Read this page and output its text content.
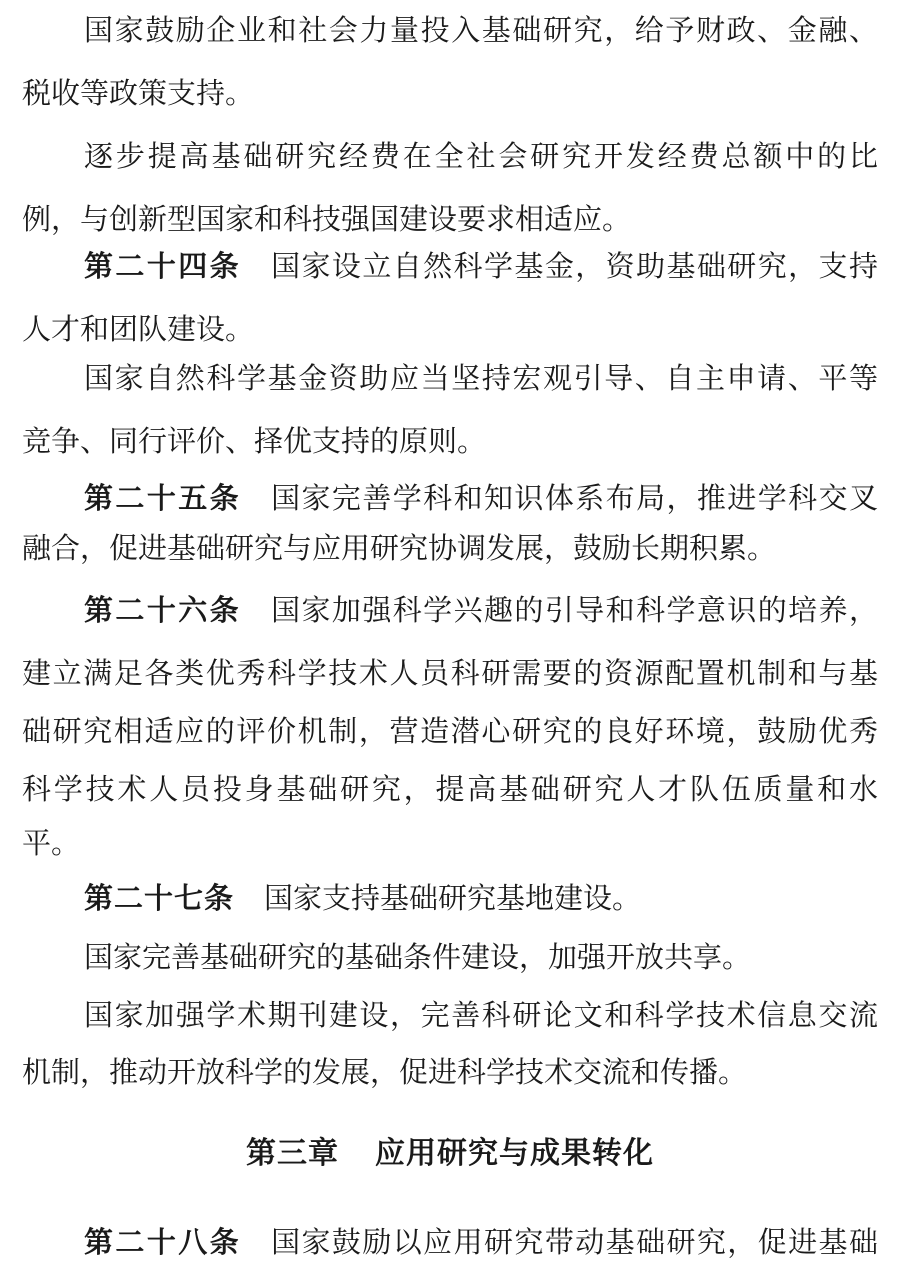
国家鼓励企业和社会力量投入基础研究，给予财政、金融、
税收等政策支持。
逐步提高基础研究经费在全社会研究开发经费总额中的比
例，与创新型国家和科技强国建设要求相适应。
第二十四条 国家设立自然科学基金，资助基础研究，支持
人才和团队建设。
国家自然科学基金资助应当坚持宏观引导、自主申请、平等
竞争、同行评价、择优支持的原则。
第二十五条 国家完善学科和知识体系布局，推进学科交叉
融合，促进基础研究与应用研究协调发展，鼓励长期积累。
第二十六条 国家加强科学兴趣的引导和科学意识的培养，
建立满足各类优秀科学技术人员科研需要的资源配置机制和与基
础研究相适应的评价机制，营造潜心研究的良好环境，鼓励优秀
科学技术人员投身基础研究，提高基础研究人才队伍质量和水
平。
第二十七条 国家支持基础研究基地建设。
国家完善基础研究的基础条件建设，加强开放共享。
国家加强学术期刊建设，完善科研论文和科学技术信息交流
机制，推动开放科学的发展，促进科学技术交流和传播。
第三章 应用研究与成果转化
第二十八条 国家鼓励以应用研究带动基础研究，促进基础
